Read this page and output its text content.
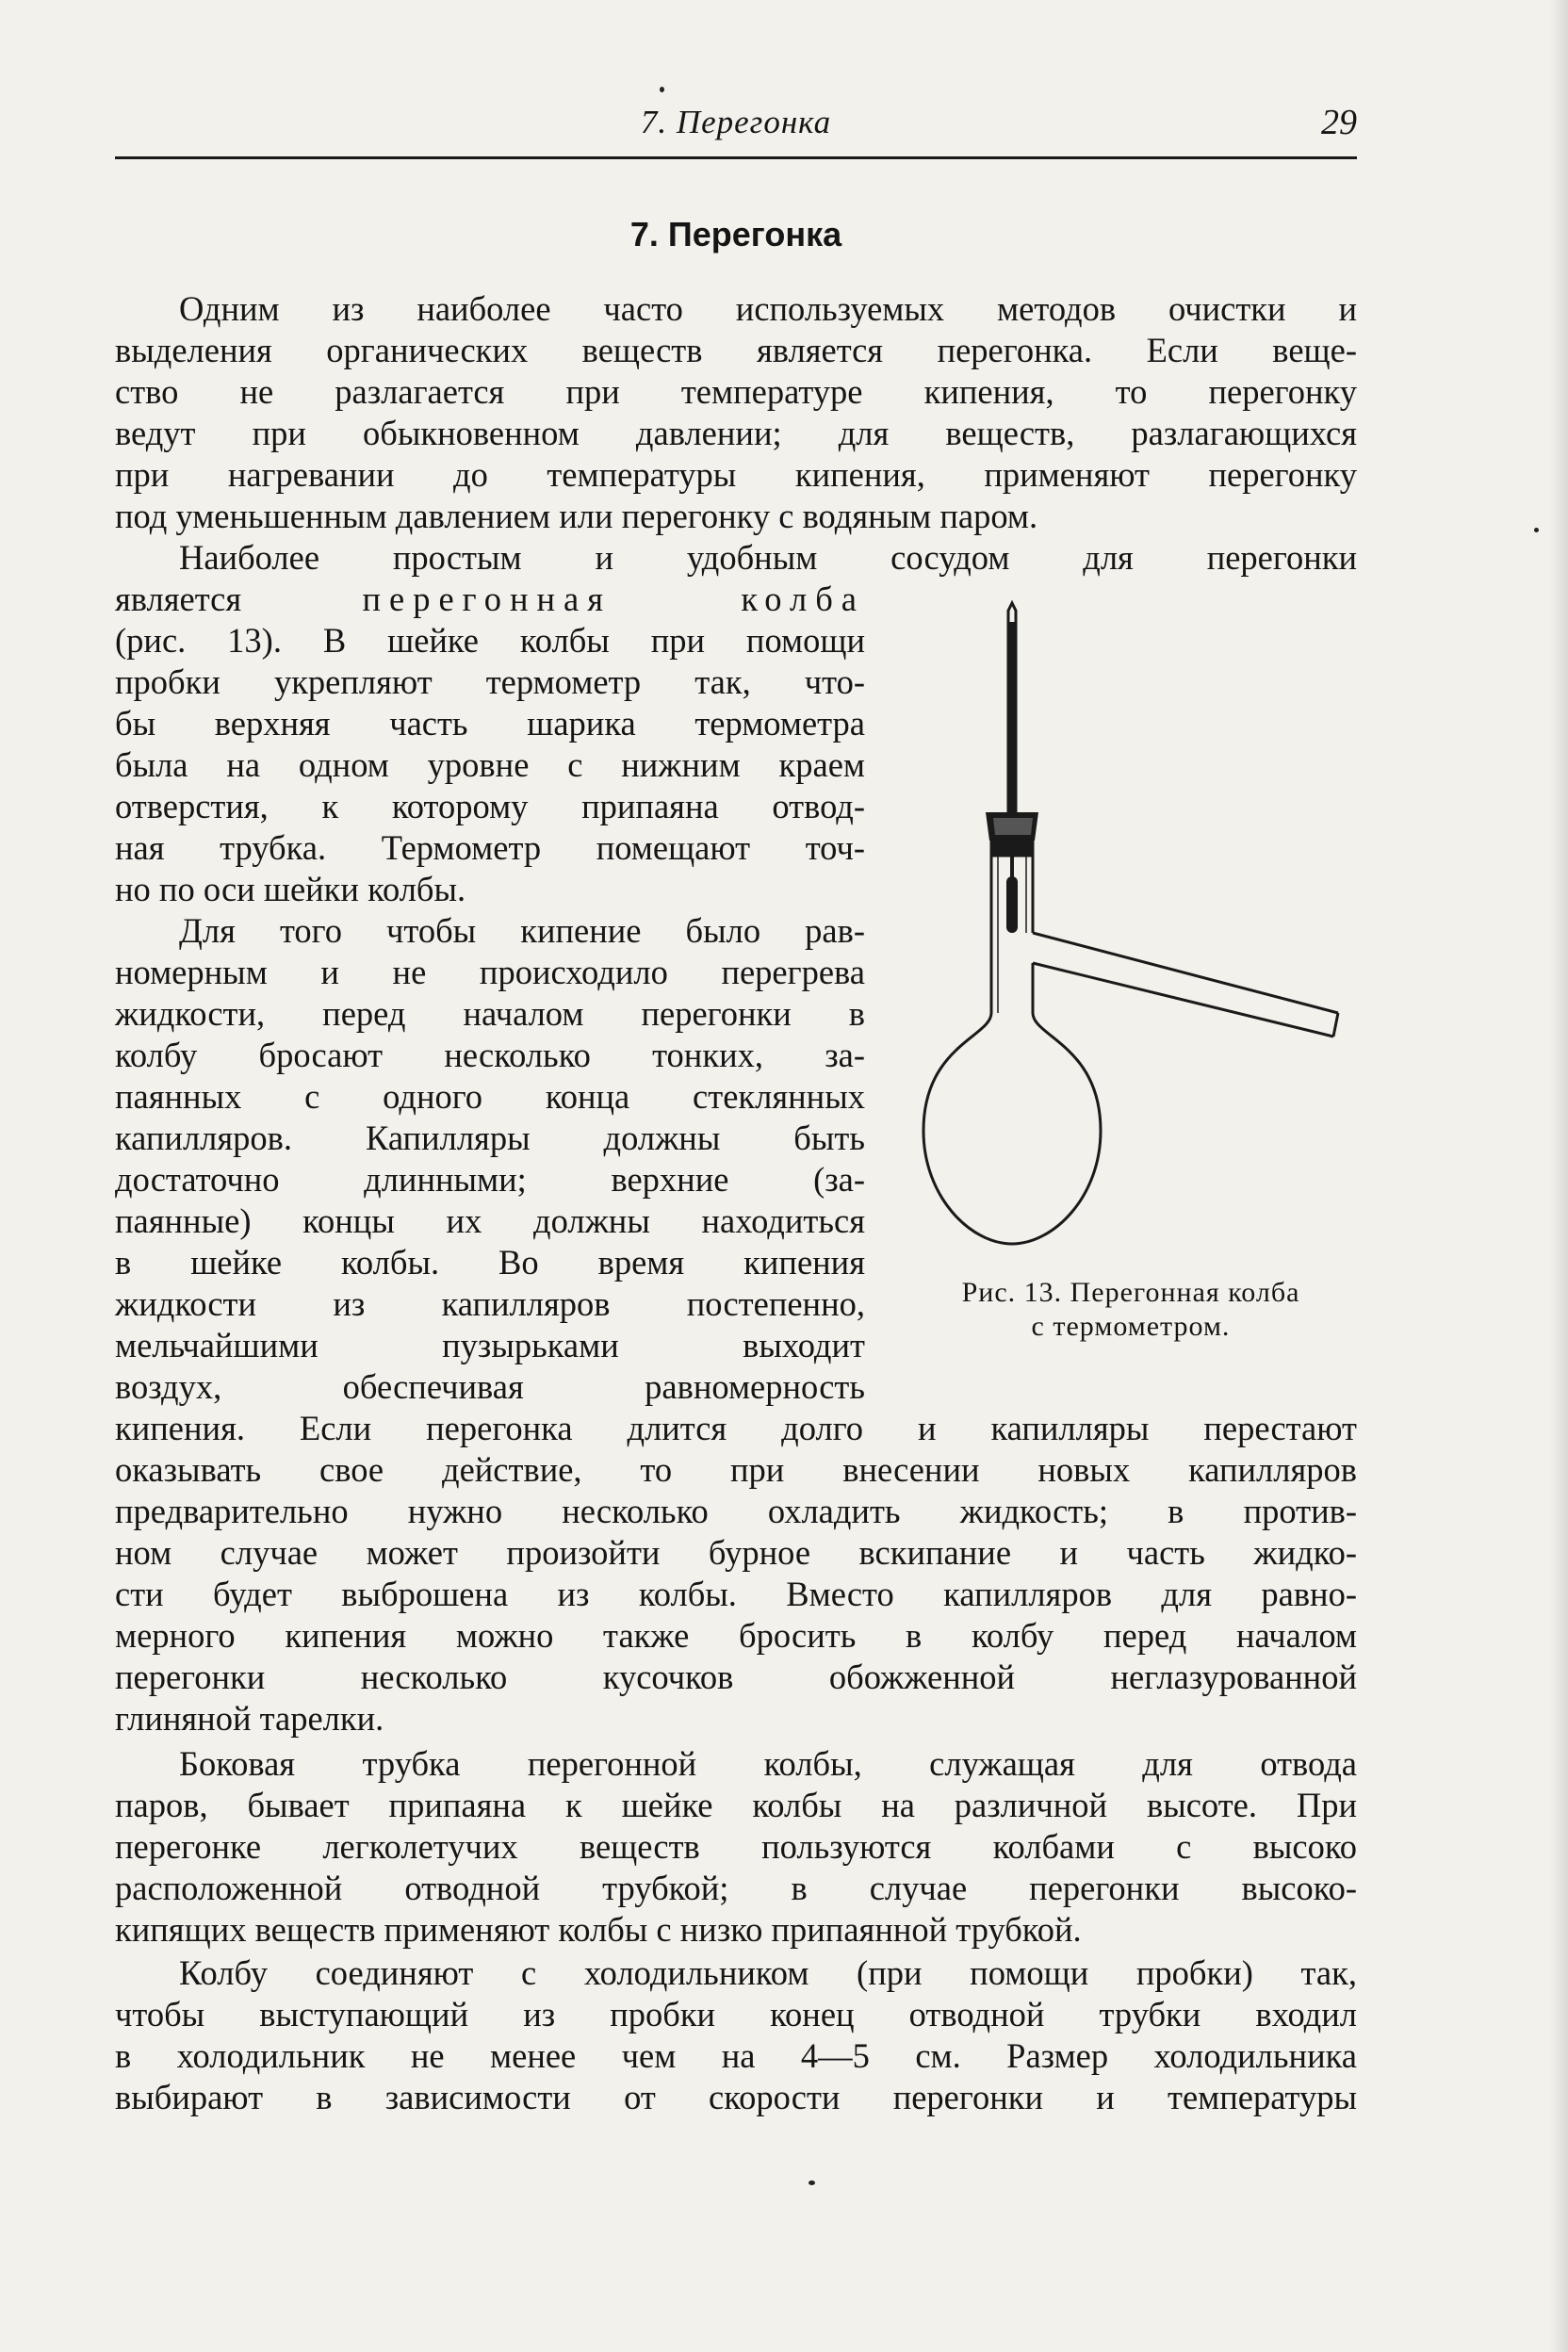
7. Перегонка	29
7. Перегонка
Одним из наиболее часто используемых методов очистки и
выделения органических веществ является перегонка. Если веще-
ство не разлагается при температуре кипения, то перегонку
ведут при обыкновенном давлении; для веществ, разлагающихся
при нагревании до температуры кипения, применяют перегонку
под уменьшенным давлением или перегонку с водяным паром.
Наиболее простым и удобным сосудом для перегонки
является	перегонная колба
(рис. 13). В шейке колбы при помощи
пробки укрепляют термометр так, что-
бы верхняя часть шарика термометра
была на одном уровне с нижним краем
отверстия, к которому припаяна отвод-
ная трубка. Термометр помещают точ-
но по оси шейки колбы.
Для того чтобы кипение было рав-
номерным и не происходило перегрева
жидкости, перед началом перегонки в
колбу бросают несколько тонких, за-
паянных с одного конца стеклянных
капилляров. Капилляры должны быть
достаточно длинными; верхние (за-
паянные) концы их должны находиться
в шейке колбы. Во время кипения
жидкости из капилляров постепенно,
мельчайшими пузырьками выходит
воздух, обеспечивая равномерность
кипения. Если перегонка длится долго и капилляры перестают
оказывать свое действие, то при внесении новых капилляров
предварительно нужно несколько охладить жидкость; в против-
ном случае может произойти бурное вскипание и часть жидко-
сти будет выброшена из колбы. Вместо капилляров для равно-
мерного кипения можно также бросить в колбу перед началом
перегонки несколько кусочков обожженной неглазурованной
глиняной тарелки.
Боковая трубка перегонной колбы, служащая для отвода
паров, бывает припаяна к шейке колбы на различной высоте. При
перегонке легколетучих веществ пользуются колбами с высоко
расположенной отводной трубкой; в случае перегонки высоко-
кипящих веществ применяют колбы с низко припаянной трубкой.
Колбу соединяют с холодильником (при помощи пробки) так,
чтобы выступающий из пробки конец отводной трубки входил
в холодильник не менее чем на 4—5 см. Размер холодильника
выбирают в зависимости от скорости перегонки и температуры
Рис. 13. Перегонная колба
с термометром.
